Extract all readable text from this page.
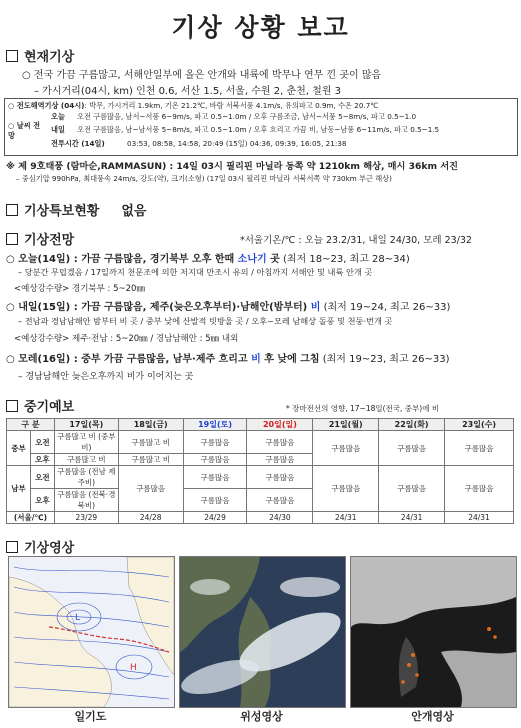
기상 상황 보고
현재기상
○ 전국 가끔 구름많고, 서해안일부에 올은 안개와 내륙에 박무나 연무 낀 곳이 많음
– 가시거리(04시, km) 인천 0.6, 서산 1.5, 서울, 수원 2, 춘천, 철원 3
○ 전도해역기상 (04시): 박무, 가시거리 1.9km, 기온 21.2℃, 바람 서북서풍 4.1m/s, 유의파고 0.9m, 수온 20.7℃
○ 날씨 전망
오늘 오전 구름많음, 남서~서풍 6~9m/s, 파고 0.5~1.0m / 오후 구름조금, 남서~서풍 5~8m/s, 파고 0.5~1.0
내일 오전 구름많음, 남~남서풍 5~8m/s, 파고 0.5~1.0m / 오후 흐리고 가끔 비, 남동~남풍 6~11m/s, 파고 0.5~1.5
전투시간 (14일)	03:53, 08:58, 14:58, 20:49 (15일) 04:36, 09:39, 16:05, 21:38
※ 제 9호태풍 (람마순,RAMMASUN) : 14일 03시 필리핀 마닐라 동쪽 약 1210km 해상, 매시 36km 서진
– 중심기압 990hPa, 최대풍속 24m/s, 강도(약), 크기(소형) (17일 03시 필리핀 마닐라 서북서쪽 약 730km 부근 해상)
기상특보현황 없음
기상전망	*서울기온/℃ : 오늘 23.2/31, 내일 24/30, 모레 23/32
○ 오늘(14일) : 가끔 구름많음, 경기북부 오후 한때 소나기 곳 (최저 18~23, 최고 28~34)
– 당분간 무덥겠음 / 17일까지 천문조에 의한 저지대 만조시 유의 / 아침까지 서해안 및 내륙 안개 곳
<예상강수량> 경기북부 : 5~20㎜
○ 내일(15일) : 가끔 구름많음, 제주(늦은오후부터)·남해안(밤부터) 비 (최저 19~24, 최고 26~33)
– 전남과 경남남해안 밤부터 비 곳 / 중부 낮에 산발적 빗방울 곳 / 오후~모레 남해상 돌풍 및 천둥·번개 곳
<예상강수량> 제주·전남 : 5~20㎜ / 경남남해안 : 5㎜ 내외
○ 모레(16일) : 중부 가끔 구름많음, 남부·제주 흐리고 비 후 낮에 그침 (최저 19~23, 최고 26~33)
– 경남남해안 늦은오후까지 비가 이어지는 곳
중기예보	* 장마전선의 영향, 17~18일(전국, 중부)에 비
구 분		17일(목)	18일(금)	19일(토)	20일(일)	21일(월)	22일(화)	23일(수)
중부	오전	구름많고 비 (중부 비)	구름많고 비	구름많음	구름많음	구름많음	구름많음	구름많음
	오후	구름많고 비	구름많고 비	구름많음	구름많음			
남부	오전	구름많음 (전남 제주비)	구름많음	구름많음	구름많음	구름많음	구름많음	구름많음
	오후	구름많음 (전북·경북비)		구름많음	구름많음			
(서울/℃)		23/29	24/28	24/29	24/30	24/31	24/31	24/31
기상영상
L
H
일기도	위성영상	안개영상
